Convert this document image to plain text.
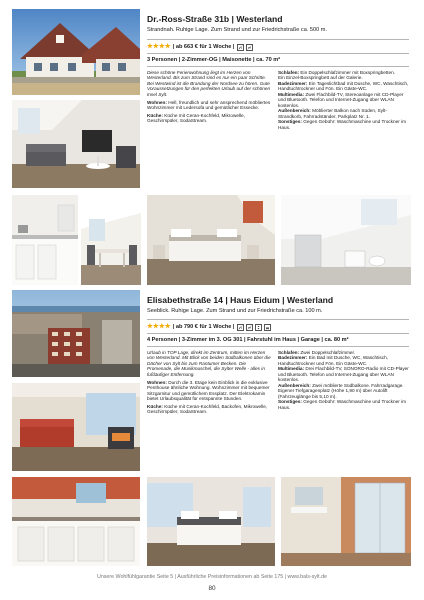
Dr.-Ross-Straße 31b | Westerland
Strandnah. Ruhige Lage. Zum Strand und zur Friedrichstraße ca. 500 m.
★★★★ | ab 663 € für 1 Woche |
3 Personen | 2-Zimmer-OG | Maisonette | ca. 70 m²

Diese schöne Ferienwohnung liegt im Herzen von Westerland. Bis zum Strand sind es nur ein paar Schritte. Bei Westwind ist die Brandung der Nordsee zu hören. Gute Voraussetzungen für den perfekten Urlaub auf der schönen Insel Sylt.

Wohnen: Hell, freundlich und sehr ansprechend möbliertes Wohnzimmer mit Ledersofa und gemütlicher Essecke.

Küche: Küche mit Ceran-Kochfeld, Mikrowelle, Geschirrspüler, SodaStream.

Schlafen: Ein Doppelschlafzimmer mit Boxspringbetten.

Ein Einzel-Boxspringbett auf der Galerie.

Badezimmer: Ein Tageslichtbad mit Dusche, WC, Waschtisch, Handtuchtrockner und Fön. Ein Gäste-WC.

Multimedia: Zwei Flachbild-TV, Stereoanlage mit CD-Player und Bluetooth. Telefon und Internet-Zugang über WLAN kostenlos.

Außenbereich: Möblierter Balkon nach Süden, Sylt-Strandkorb, Fahrradständer, Parkplatz Nr. 1.

Sonstiges: Gegen Gebühr: Waschmaschine und Trockner im Haus.

Elisabethstraße 14 | Haus Eidum | Westerland
Seeblick. Ruhige Lage. Zum Strand und zur Friedrichstraße ca. 100 m.
★★★★ | ab 790 € für 1 Woche |
4 Personen | 3-Zimmer im 3. OG 301 | Fahrstuhl im Haus | Garage | ca. 80 m²

Urlaub in TOP Lage, direkt im Zentrum, mitten im Herzen von Westerland. Mit Blick von beiden Südbalkonen über die Dächer von Sylt bis zum Rantumer Becken. Die Promenade, die Musikmuschel, die Sylter Welle - alles in fußläufiger Entfernung.

Wohnen: Durch die 3. Etage kein Einblick in die exklusive Penthouse ähnliche Wohnung. Wohnzimmer mit bequemer Sitzgarnitur und gemütlichem Essplatz. Der Elektrokamin bietet Urlaubsqualität für entspannte Stunden.

Küche: Küche mit Ceran-Kochfeld, Backofen, Mikrowelle, Geschirrspüler, SodaStream.

Schlafen: Zwei Doppelschlafzimmer.

Badezimmer: Ein Bad mit Dusche, WC, Waschtisch, Handtuchtrockner und Fön. Ein Gäste-WC.

Multimedia: Drei Flachbild-TV, SONORO-Radio mit CD-Player und Bluetooth. Telefon und Internet-Zugang über WLAN kostenlos.

Außenbereich: Zwei möblierte Südbalkone. Fahrradgarage. Eigener Tiefgaragenplatz (Höhe 1,90 m) über Autolift (Fahrzeuglänge bis 5,10 m).

Sonstiges: Gegen Gebühr: Waschmaschine und Trockner im Haus.

Unsere Wohlfühlgarantie Seite 5 | Ausführliche Preisinformationen ab Seite 175 | www.bals-sylt.de
80
